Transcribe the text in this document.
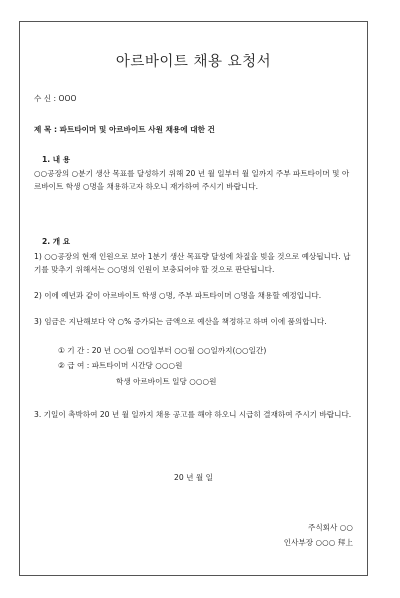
아르바이트 채용 요청서
수 신 : OOO
제 목 : 파트타이머 및 아르바이트 사원 채용에 대한 건
1. 내 용
○○공장의 ○분기 생산 목표를 달성하기 위해 20 년 월 일부터 월 일까지 주부 파트타이머 및 아르바이트 학생 ○명을 채용하고자 하오니 재가하여 주시기 바랍니다.
2. 개 요
1) ○○공장의 현재 인원으로 보아 1분기 생산 목표량 달성에 차질을 빚을 것으로 예상됩니다. 납기를 맞추기 위해서는 ○○명의 인원이 보충되어야 할 것으로 판단됩니다.
2) 이에 예년과 같이 아르바이트 학생 ○명, 주부 파트타이머 ○명을 채용할 예정입니다.
3) 임금은 지난해보다 약 ○% 증가되는 금액으로 예산을 책정하고 하며 이에 품의합니다.
① 기 간 : 20 년 ○○월 ○○일부터 ○○월 ○○일까지(○○일간)
② 급 여 : 파트타이머 시간당 ○○○원
학생 아르바이트 일당 ○○○원
3. 기일이 촉박하여 20 년 월 일까지 채용 공고를 해야 하오니 시급히 결재하여 주시기 바랍니다.
20 년 월 일
주식회사 ○○
인사부장 ○○○ 拜上
